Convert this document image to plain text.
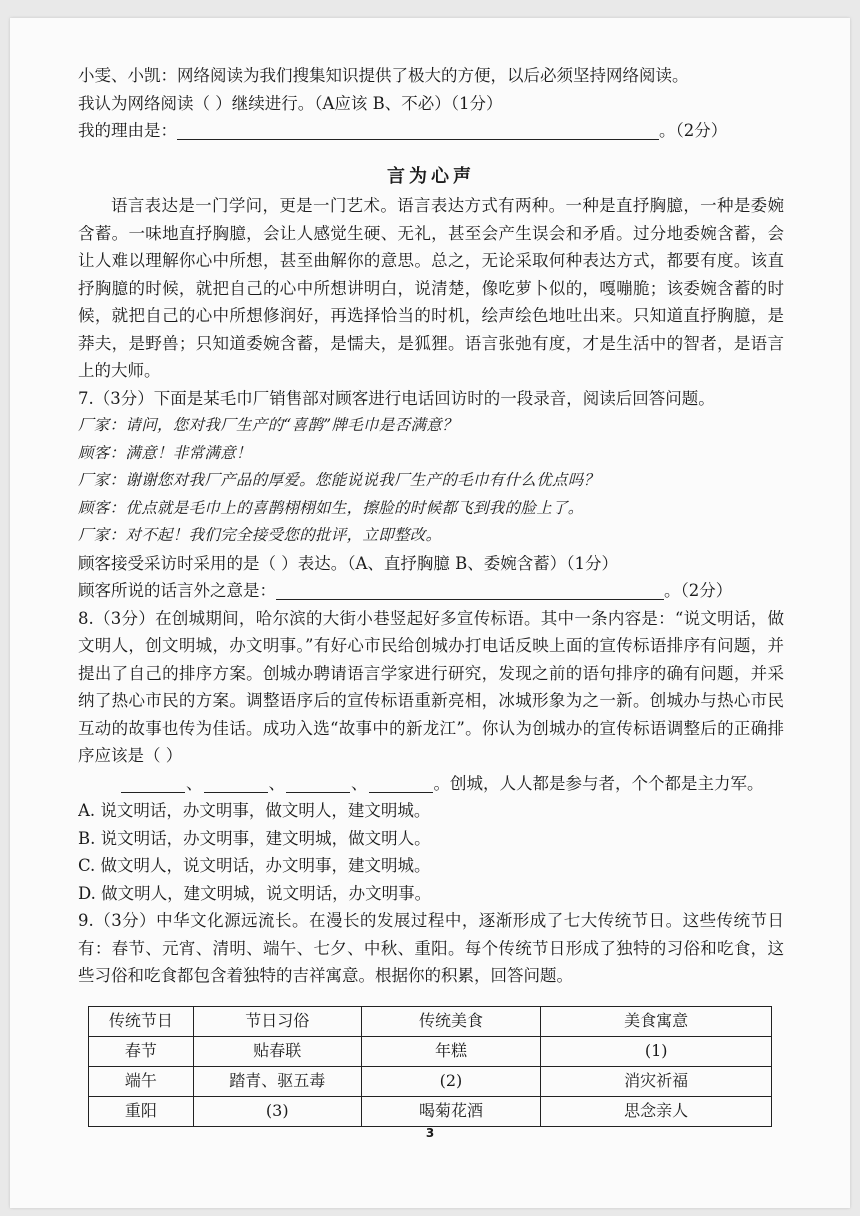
小雯、小凯：网络阅读为我们搜集知识提供了极大的方便，以后必须坚持网络阅读。
我认为网络阅读（ ）继续进行。（A应该 B、不必）（1分）
我的理由是：	。（2分）
言为心声
语言表达是一门学问，更是一门艺术。语言表达方式有两种。一种是直抒胸臆，一种是委婉含蓄。一味地直抒胸臆，会让人感觉生硬、无礼，甚至会产生误会和矛盾。过分地委婉含蓄，会让人难以理解你心中所想，甚至曲解你的意思。总之，无论采取何种表达方式，都要有度。该直抒胸臆的时候，就把自己的心中所想讲明白，说清楚，像吃萝卜似的，嘎嘣脆；该委婉含蓄的时候，就把自己的心中所想修润好，再选择恰当的时机，绘声绘色地吐出来。只知道直抒胸臆，是莽夫，是野兽；只知道委婉含蓄，是懦夫，是狐狸。语言张弛有度，才是生活中的智者，是语言上的大师。
7.（3分）下面是某毛巾厂销售部对顾客进行电话回访时的一段录音，阅读后回答问题。
厂家：请问，您对我厂生产的“喜鹊”牌毛巾是否满意？
顾客：满意！非常满意！
厂家：谢谢您对我厂产品的厚爱。您能说说我厂生产的毛巾有什么优点吗？
顾客：优点就是毛巾上的喜鹊栩栩如生，擦脸的时候都飞到我的脸上了。
厂家：对不起！我们完全接受您的批评，立即整改。
顾客接受采访时采用的是（ ）表达。（A、直抒胸臆 B、委婉含蓄）（1分）
顾客所说的话言外之意是：	。（2分）
8.（3分）在创城期间，哈尔滨的大街小巷竖起好多宣传标语。其中一条内容是：“说文明话，做文明人，创文明城，办文明事。”有好心市民给创城办打电话反映上面的宣传标语排序有问题，并提出了自己的排序方案。创城办聘请语言学家进行研究，发现之前的语句排序的确有问题，并采纳了热心市民的方案。调整语序后的宣传标语重新亮相，冰城形象为之一新。创城办与热心市民互动的故事也传为佳话。成功入选“故事中的新龙江”。你认为创城办的宣传标语调整后的正确排序应该是（ ）
、	、	、	。创城，人人都是参与者，个个都是主力军。
A. 说文明话，办文明事，做文明人，建文明城。
B. 说文明话，办文明事，建文明城，做文明人。
C. 做文明人，说文明话，办文明事，建文明城。
D. 做文明人，建文明城，说文明话，办文明事。
9.（3分）中华文化源远流长。在漫长的发展过程中，逐渐形成了七大传统节日。这些传统节日有：春节、元宵、清明、端午、七夕、中秋、重阳。每个传统节日形成了独特的习俗和吃食，这些习俗和吃食都包含着独特的吉祥寓意。根据你的积累，回答问题。
传统节日	节日习俗	传统美食	美食寓意
春节	贴春联	年糕	(1)
端午	踏青、驱五毒	(2)	消灾祈福
重阳	(3)	喝菊花酒	思念亲人
3
